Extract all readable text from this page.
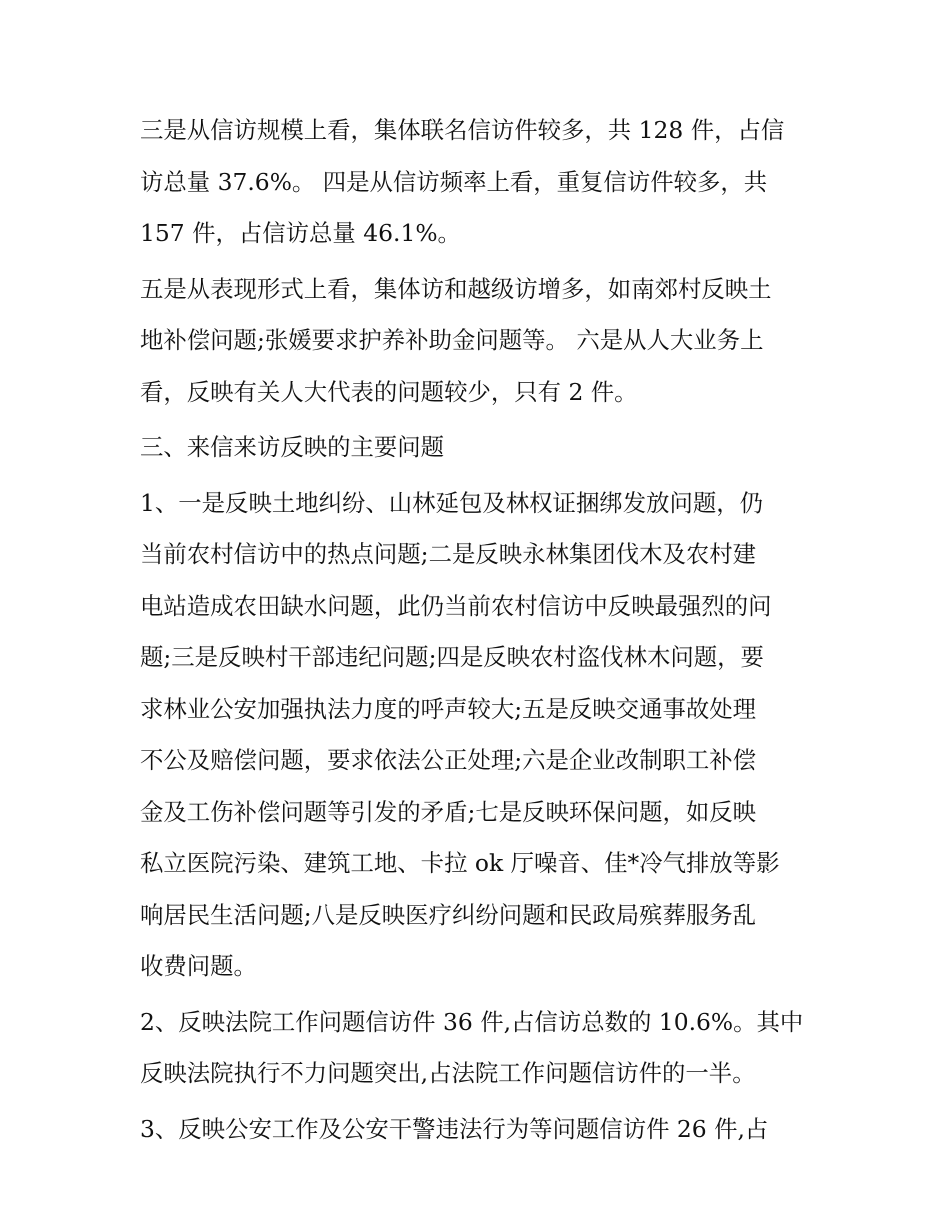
三是从信访规模上看，集体联名信访件较多，共 128 件，占信
访总量 37.6%。 四是从信访频率上看，重复信访件较多，共
157 件，占信访总量 46.1%。
五是从表现形式上看，集体访和越级访增多，如南郊村反映土
地补偿问题;张媛要求护养补助金问题等。 六是从人大业务上
看，反映有关人大代表的问题较少，只有 2 件。
三、来信来访反映的主要问题
1、一是反映土地纠纷、山林延包及林权证捆绑发放问题，仍
当前农村信访中的热点问题;二是反映永林集团伐木及农村建
电站造成农田缺水问题，此仍当前农村信访中反映最强烈的问
题;三是反映村干部违纪问题;四是反映农村盗伐林木问题，要
求林业公安加强执法力度的呼声较大;五是反映交通事故处理
不公及赔偿问题，要求依法公正处理;六是企业改制职工补偿
金及工伤补偿问题等引发的矛盾;七是反映环保问题，如反映
私立医院污染、建筑工地、卡拉 ok 厅噪音、佳*冷气排放等影
响居民生活问题;八是反映医疗纠纷问题和民政局殡葬服务乱
收费问题。
2、反映法院工作问题信访件 36 件,占信访总数的 10.6%。其中
反映法院执行不力问题突出,占法院工作问题信访件的一半。
3、反映公安工作及公安干警违法行为等问题信访件 26 件,占
